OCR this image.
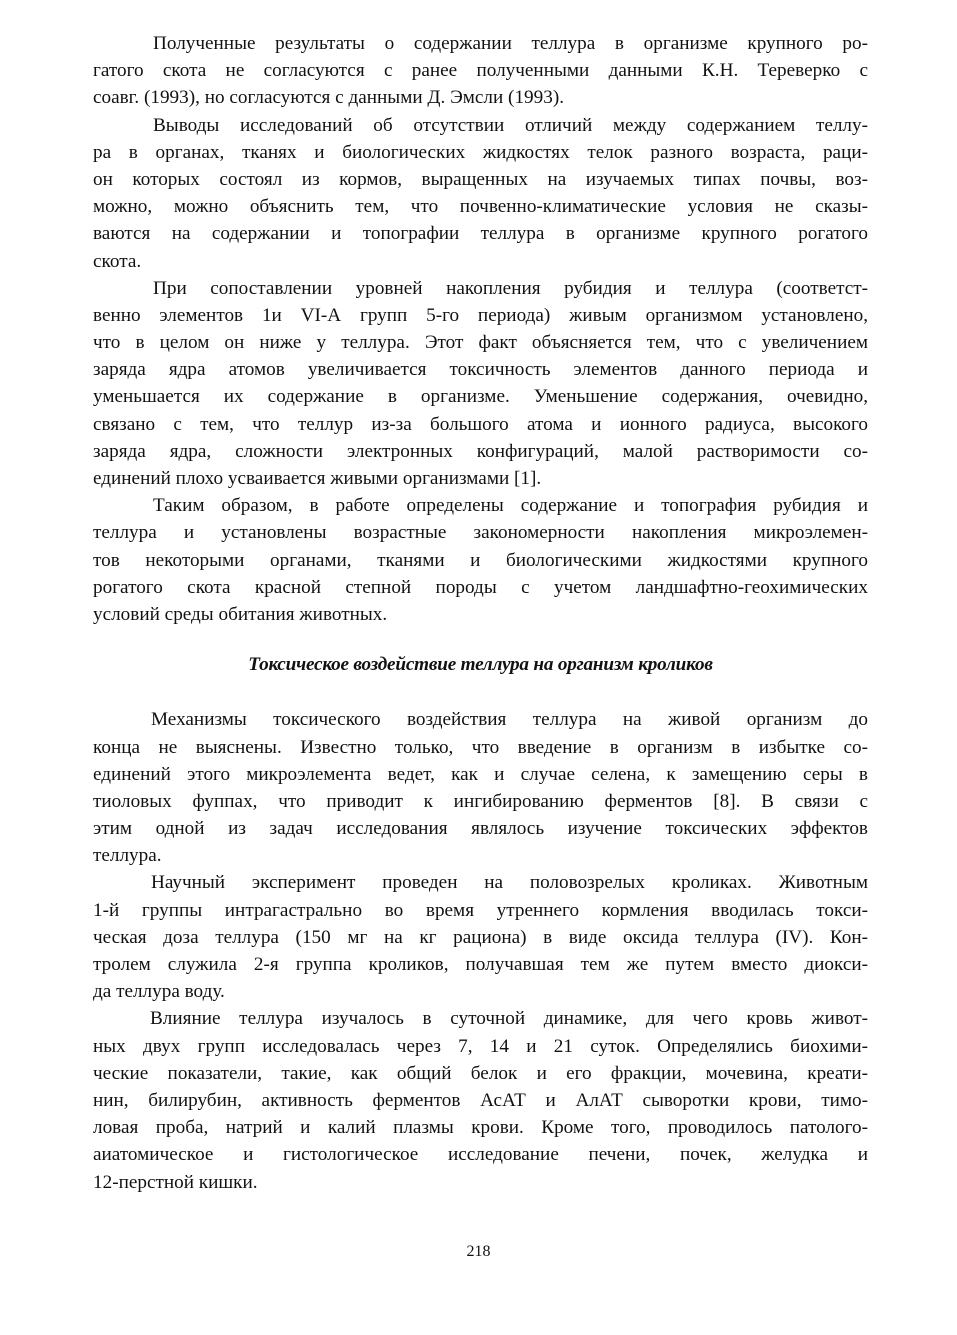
Полученные результаты о содержании теллура в организме крупного ро-
гатого скота не согласуются с ранее полученными данными К.Н. Тереверко с
соавг. (1993), но согласуются с данными Д. Эмсли (1993).
Выводы исследований об отсутствии отличий между содержанием теллу-
ра в органах, тканях и биологических жидкостях телок разного возраста, раци-
он которых состоял из кормов, выращенных на изучаемых типах почвы, воз-
можно, можно объяснить тем, что почвенно-климатические условия не сказы-
ваются на содержании и топографии теллура в организме крупного рогатого
скота.
При сопоставлении уровней накопления рубидия и теллура (соответст-
венно элементов 1и VI-А групп 5-го периода) живым организмом установлено,
что в целом он ниже у теллура. Этот факт объясняется тем, что с увеличением
заряда ядра атомов увеличивается токсичность элементов данного периода и
уменьшается их содержание в организме. Уменьшение содержания, очевидно,
связано с тем, что теллур из-за большого атома и ионного радиуса, высокого
заряда ядра, сложности электронных конфигураций, малой растворимости со-
единений плохо усваивается живыми организмами [1].
Таким образом, в работе определены содержание и топография рубидия и
теллура и установлены возрастные закономерности накопления микроэлемен-
тов некоторыми органами, тканями и биологическими жидкостями крупного
рогатого скота красной степной породы с учетом ландшафтно-геохимических
условий среды обитания животных.
Токсическое воздействие теллура на организм кроликов
Механизмы токсического воздействия теллура на живой организм до
конца не выяснены. Известно только, что введение в организм в избытке со-
единений этого микроэлемента ведет, как и случае селена, к замещению серы в
тиоловых фуппах, что приводит к ингибированию ферментов [8]. В связи с
этим одной из задач исследования являлось изучение токсических эффектов
теллура.
Научный эксперимент проведен на половозрелых кроликах. Животным
1-й группы интрагастрально во время утреннего кормления вводилась токси-
ческая доза теллура (150 мг на кг рациона) в виде оксида теллура (IV). Кон-
тролем служила 2-я группа кроликов, получавшая тем же путем вместо диокси-
да теллура воду.
Влияние теллура изучалось в суточной динамике, для чего кровь живот-
ных двух групп исследовалась через 7, 14 и 21 суток. Определялись биохими-
ческие показатели, такие, как общий белок и его фракции, мочевина, креати-
нин, билирубин, активность ферментов АсАТ и АлАТ сыворотки крови, тимо-
ловая проба, натрий и калий плазмы крови. Кроме того, проводилось патолого-
аиатомическое и гистологическое исследование печени, почек, желудка и
12-перстной кишки.
218
